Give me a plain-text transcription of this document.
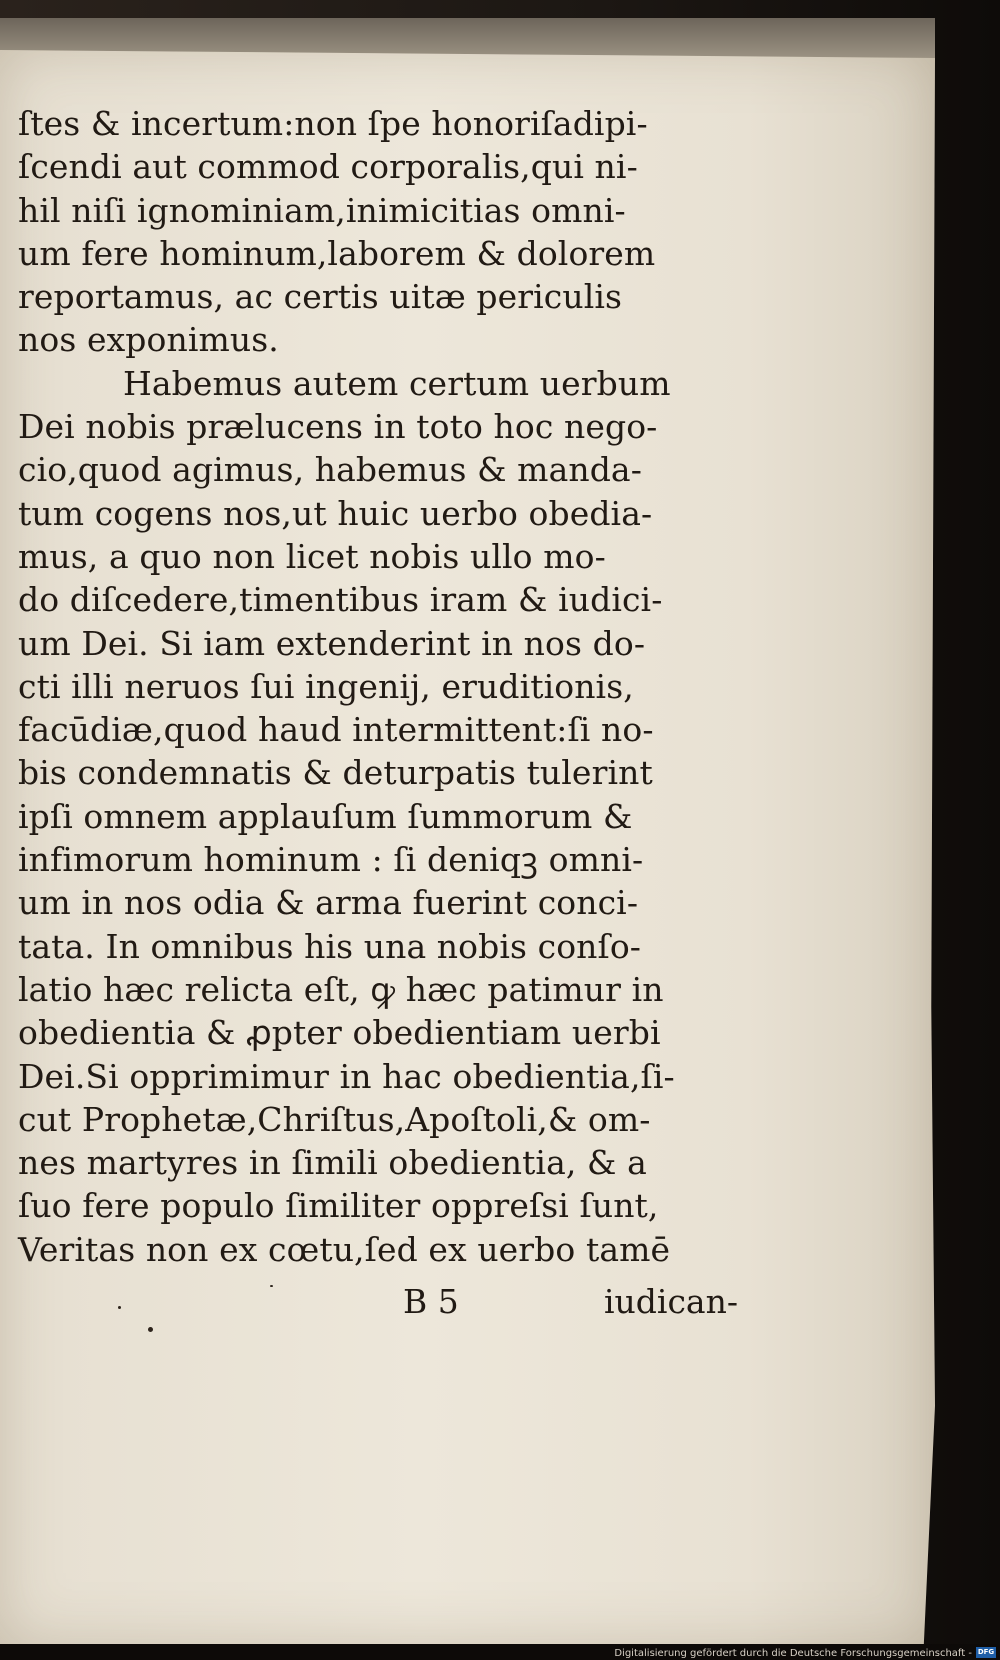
ſtes & incertum:non ſpe honoriſadipi-
ſcendi aut commod corporalis,qui ni-
hil niſi ignominiam,inimicitias omni-
um fere hominum,laborem & dolorem
reportamus, ac certis uitæ periculis
nos exponimus.
Habemus autem certum uerbum
Dei nobis prælucens in toto hoc nego-
cio,quod agimus, habemus & manda-
tum cogens nos,ut huic uerbo obedia-
mus, a quo non licet nobis ullo mo-
do diſcedere,timentibus iram & iudici-
um Dei. Si iam extenderint in nos do-
cti illi neruos ſui ingenij, eruditionis,
facūdiæ,quod haud intermittent:ſi no-
bis condemnatis & deturpatis tulerint
ipſi omnem applauſum ſummorum &
infimorum hominum : ſi deniqꝫ omni-
um in nos odia & arma fuerint conci-
tata. In omnibus his una nobis conſo-
latio hæc relicta eſt, ꝙ hæc patimur in
obedientia & ꝓpter obedientiam uerbi
Dei.Si opprimimur in hac obedientia,ſi-
cut Prophetæ,Chriſtus,Apoſtoli,& om-
nes martyres in ſimili obedientia, & a
ſuo fere populo ſimiliter oppreſsi ſunt,
Veritas non ex cœtu,ſed ex uerbo tamē
B 5	iudican-
Digitalisierung gefördert durch die Deutsche Forschungsgemeinschaft - DFG
